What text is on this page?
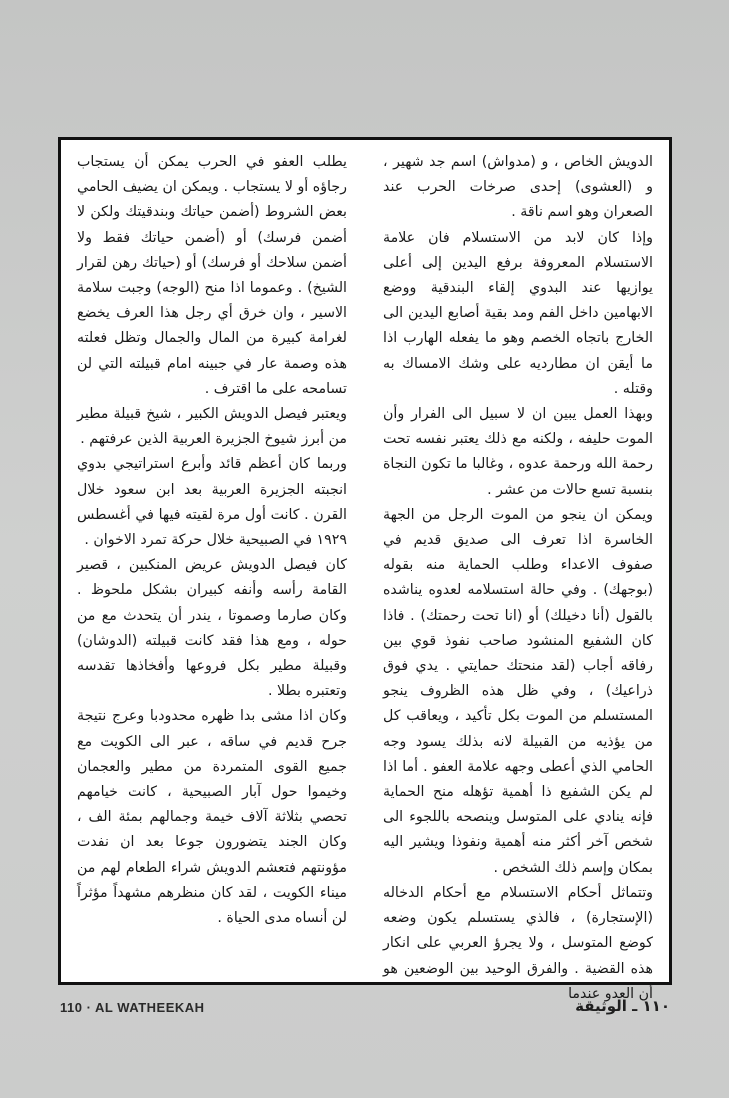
الدويش الخاص ، و (مدواش) اسم جد شهير ، و (العشوى) إحدى صرخات الحرب عند الصعران وهو اسم ناقة .

وإذا كان لابد من الاستسلام فان علامة الاستسلام المعروفة برفع اليدين إلى أعلى يوازيها عند البدوي إلقاء البندقية ووضع الابهامين داخل الفم ومد بقية أصابع اليدين الى الخارج باتجاه الخصم وهو ما يفعله الهارب اذا ما أيقن ان مطارديه على وشك الامساك به وقتله .

وبهذا العمل يبين ان لا سبيل الى الفرار وأن الموت حليفه ، ولكنه مع ذلك يعتبر نفسه تحت رحمة الله ورحمة عدوه ، وغالبا ما تكون النجاة بنسبة تسع حالات من عشر .

ويمكن ان ينجو من الموت الرجل من الجهة الخاسرة اذا تعرف الى صديق قديم في صفوف الاعداء وطلب الحماية منه بقوله (بوجهك) . وفي حالة استسلامه لعدوه يناشده بالقول (أنا دخيلك) أو (انا تحت رحمتك) . فاذا كان الشفيع المنشود صاحب نفوذ قوي بين رفاقه أجاب (لقد منحتك حمايتي . يدي فوق ذراعيك) ، وفي ظل هذه الظروف ينجو المستسلم من الموت بكل تأكيد ، ويعاقب كل من يؤذيه من القبيلة لانه بذلك يسود وجه الحامي الذي أعطى وجهه علامة العفو . أما اذا لم يكن الشفيع ذا أهمية تؤهله منح الحماية فإنه ينادي على المتوسل وينصحه باللجوء الى شخص آخر أكثر منه أهمية ونفوذا ويشير اليه بمكان وإسم ذلك الشخص .

وتتماثل أحكام الاستسلام مع أحكام الدخاله (الإستجارة) ، فالذي يستسلم يكون وضعه كوضع المتوسل ، ولا يجرؤ العربي على انكار هذه القضية . والفرق الوحيد بين الوضعين هو أن العدو عندما

يطلب العفو في الحرب يمكن أن يستجاب رجاؤه أو لا يستجاب . ويمكن ان يضيف الحامي بعض الشروط (أضمن حياتك وبندقيتك ولكن لا أضمن فرسك) أو (أضمن حياتك فقط ولا أضمن سلاحك أو فرسك) أو (حياتك رهن لقرار الشيخ) . وعموما اذا منح (الوجه) وجبت سلامة الاسير ، وان خرق أي رجل هذا العرف يخضع لغرامة كبيرة من المال والجمال وتظل فعلته هذه وصمة عار في جبينه امام قبيلته التي لن تسامحه على ما اقترف .

ويعتبر فيصل الدويش الكبير ، شيخ قبيلة مطير من أبرز شيوخ الجزيرة العربية الذين عرفتهم .

وربما كان أعظم قائد وأبرع استراتيجي بدوي انجبته الجزيرة العربية بعد ابن سعود خلال القرن . كانت أول مرة لقيته فيها في أغسطس ١٩٢٩ في الصبيحية خلال حركة تمرد الاخوان .

كان فيصل الدويش عريض المنكبين ، قصير القامة رأسه وأنفه كبيران بشكل ملحوظ . وكان صارما وصموتا ، يندر أن يتحدث مع من حوله ، ومع هذا فقد كانت قبيلته (الدوشان) وقبيلة مطير بكل فروعها وأفخاذها تقدسه وتعتبره بطلا .

وكان اذا مشى بدا ظهره محدودبا وعرج نتيجة جرح قديم في ساقه ، عبر الى الكويت مع جميع القوى المتمردة من مطير والعجمان وخيموا حول آبار الصبيحية ، كانت خيامهم تحصي بثلاثة آلاف خيمة وجمالهم بمئة الف ، وكان الجند يتضورون جوعا بعد ان نفدت مؤونتهم فتعشم الدويش شراء الطعام لهم من ميناء الكويت ، لقد كان منظرهم مشهداً مؤثراً لن أنساه مدى الحياة .

110 · AL WATHEEKAH	١١٠ ـ الوثيقة
